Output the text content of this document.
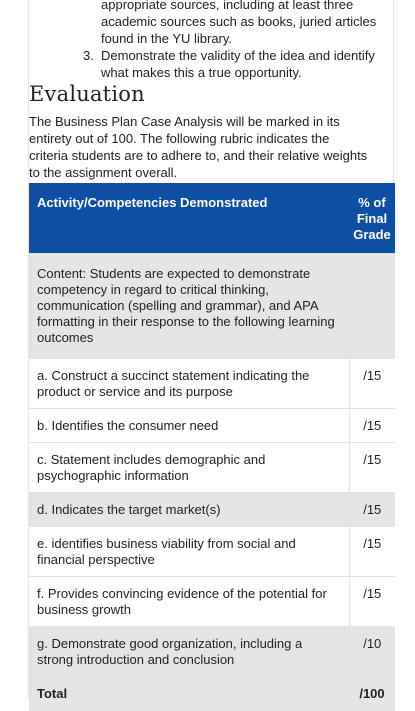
appropriate sources, including at least three
academic sources such as books, juried articles
found in the YU library.
3. Demonstrate the validity of the idea and identify
what makes this a true opportunity.
Evaluation
The Business Plan Case Analysis will be marked in its entirety out of 100. The following rubric indicates the criteria students are to adhere to, and their relative weights to the assignment overall.
Activity/Competencies Demonstrated	% of Final Grade
Content: Students are expected to demonstrate competency in regard to critical thinking, communication (spelling and grammar), and APA formatting in their response to the following learning outcomes	
a. Construct a succinct statement indicating the product or service and its purpose	/15
b. Identifies the consumer need	/15
c. Statement includes demographic and psychographic information	/15
d. Indicates the target market(s)	/15
e. identifies business viability from social and financial perspective	/15
f. Provides convincing evidence of the potential for business growth	/15
g. Demonstrate good organization, including a strong introduction and conclusion	/10
Total	/100
